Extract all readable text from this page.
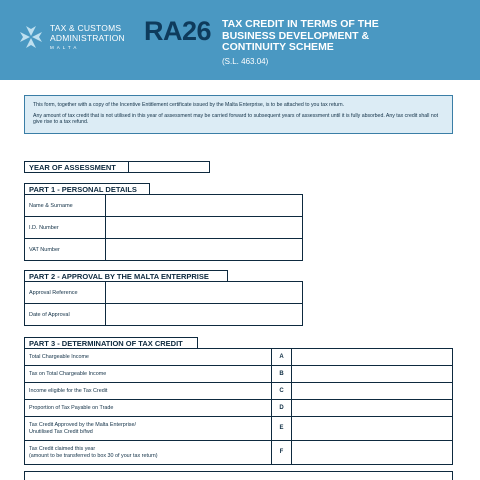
TAX & CUSTOMS
ADMINISTRATION
MALTA
RA26 TAX CREDIT IN TERMS OF THE
BUSINESS DEVELOPMENT &
CONTINUITY SCHEME
(S.L. 463.04)

This form, together with a copy of the Incentive Entitlement certificate issued by the Malta Enterprise, is to be attached to you tax return.

Any amount of tax credit that is not utilised in this year of assessment may be carried forward to subsequent years of assessment until it is fully absorbed. Any tax credit shall not give rise to a tax refund.

YEAR OF ASSESSMENT
PART 1 - PERSONAL DETAILS
Name & Surname	
I.D. Number	
VAT Number	
PART 2 - APPROVAL BY THE MALTA ENTERPRISE
Approval Reference	
Date of Approval	
PART 3 - DETERMINATION OF TAX CREDIT
Total Chargeable Income	A	
Tax on Total Chargeable Income	B	
Income eligible for the Tax Credit	C	
Proportion of Tax Payable on Trade	D	

Tax Credit Approved by the Malta Enterprise/
Unutilised Tax Credit b/fwd	E	

Tax Credit claimed this year
(amount to be transferred to box 30 of your tax return)	F	
